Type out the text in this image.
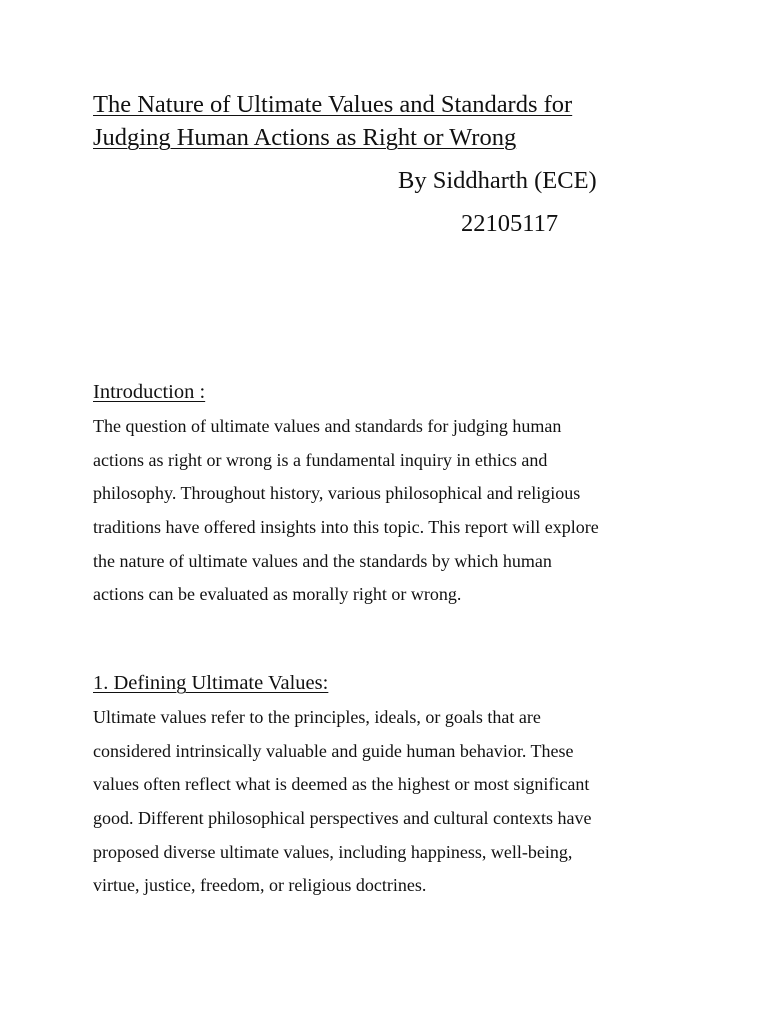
The Nature of Ultimate Values and Standards for
Judging Human Actions as Right or Wrong

By Siddharth (ECE)

22105117

Introduction :
The question of ultimate values and standards for judging human
actions as right or wrong is a fundamental inquiry in ethics and
philosophy. Throughout history, various philosophical and religious
traditions have offered insights into this topic. This report will explore
the nature of ultimate values and the standards by which human
actions can be evaluated as morally right or wrong.
1. Defining Ultimate Values:
Ultimate values refer to the principles, ideals, or goals that are
considered intrinsically valuable and guide human behavior. These
values often reflect what is deemed as the highest or most significant
good. Different philosophical perspectives and cultural contexts have
proposed diverse ultimate values, including happiness, well-being,
virtue, justice, freedom, or religious doctrines.
